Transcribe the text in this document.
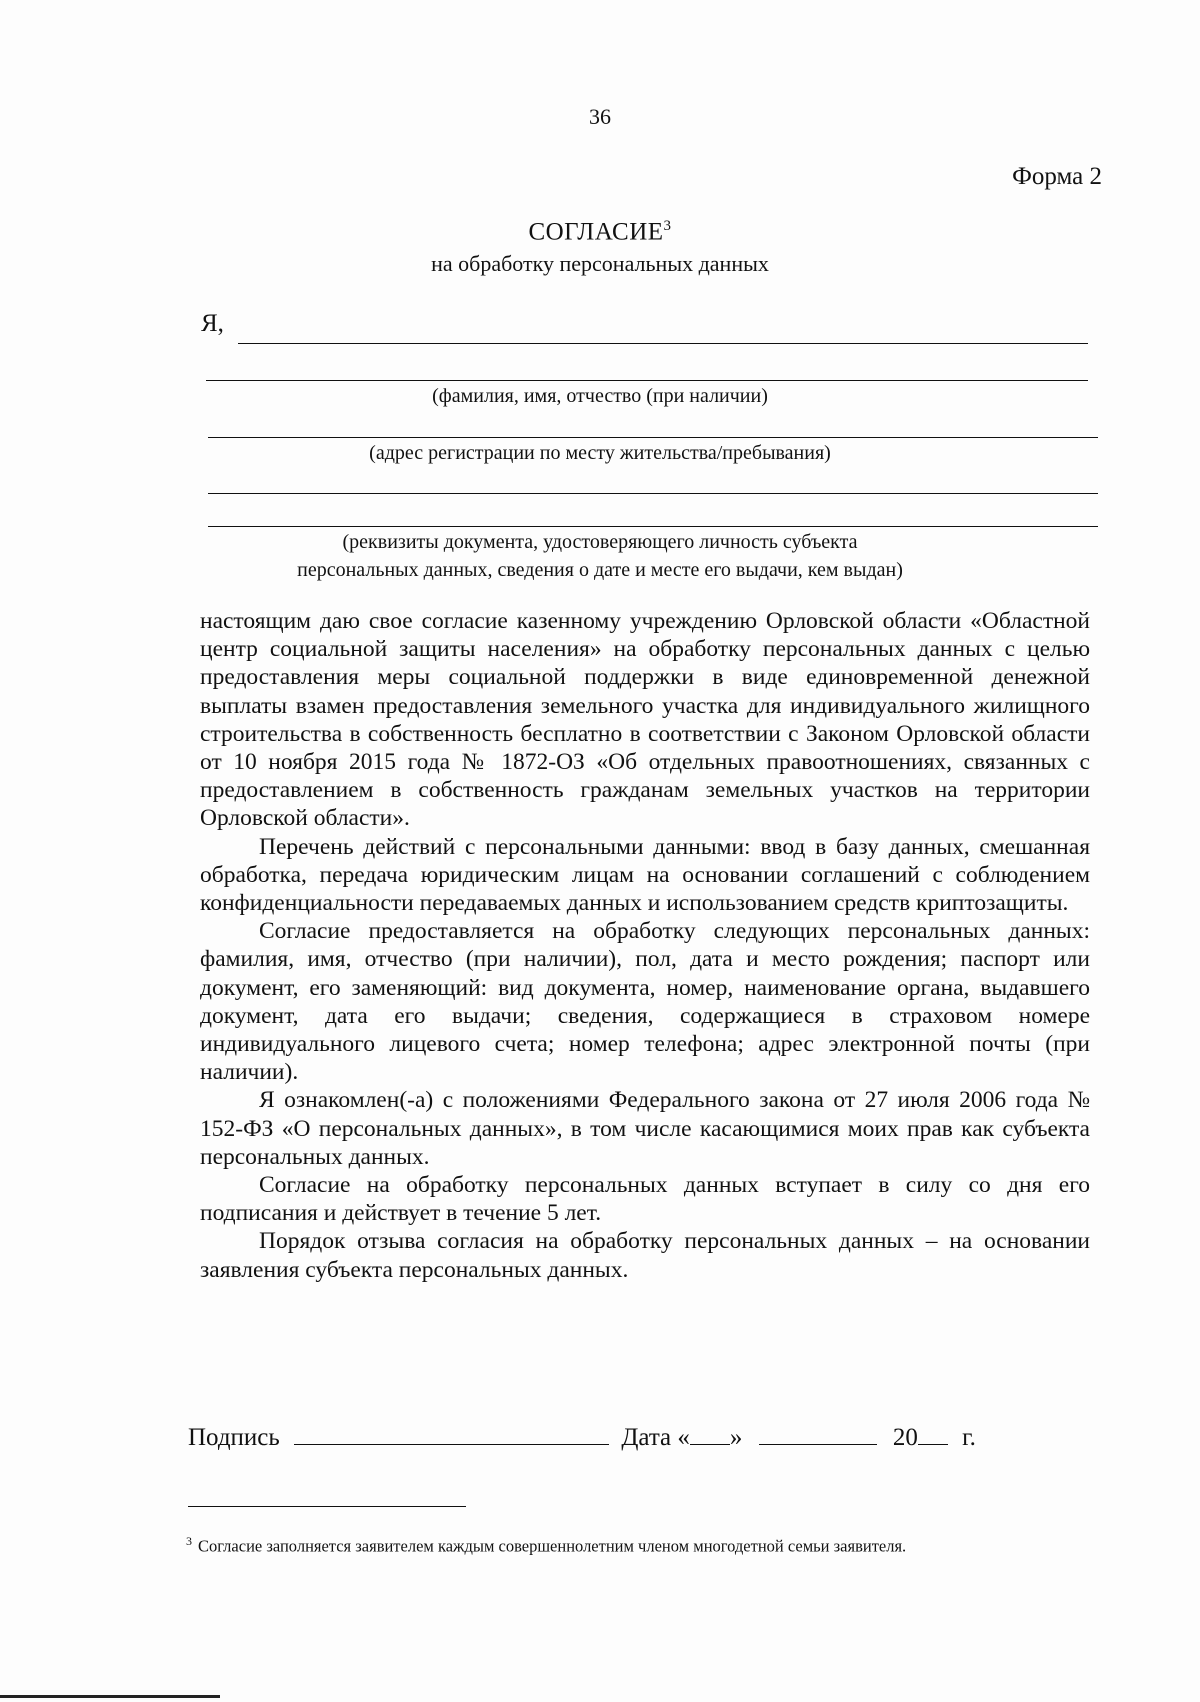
36
Форма 2
СОГЛАСИЕ$^3$
на обработку персональных данных
Я,
(фамилия, имя, отчество (при наличии)
(адрес регистрации по месту жительства/пребывания)
(реквизиты документа, удостоверяющего личность субъекта
персональных данных, сведения о дате и месте его выдачи, кем выдан)

настоящим даю свое согласие казенному учреждению Орловской области «Областной центр социальной защиты населения» на обработку персональных данных с целью предоставления меры социальной поддержки в виде единовременной денежной выплаты взамен предоставления земельного участка для индивидуального жилищного строительства в собственность бесплатно в соответствии с Законом Орловской области от 10 ноября 2015 года № 1872-ОЗ «Об отдельных правоотношениях, связанных с предоставлением в собственность гражданам земельных участков на территории Орловской области».

Перечень действий с персональными данными: ввод в базу данных, смешанная обработка, передача юридическим лицам на основании соглашений с соблюдением конфиденциальности передаваемых данных и использованием средств криптозащиты.

Согласие предоставляется на обработку следующих персональных данных: фамилия, имя, отчество (при наличии), пол, дата и место рождения; паспорт или документ, его заменяющий: вид документа, номер, наименование органа, выдавшего документ, дата его выдачи; сведения, содержащиеся в страховом номере индивидуального лицевого счета; номер телефона; адрес электронной почты (при наличии).

Я ознакомлен(-а) с положениями Федерального закона от 27 июля 2006 года № 152-ФЗ «О персональных данных», в том числе касающимися моих прав как субъекта персональных данных.

Согласие на обработку персональных данных вступает в силу со дня его подписания и действует в течение 5 лет.

Порядок отзыва согласия на обработку персональных данных – на основании заявления субъекта персональных данных.

Подпись	Дата « »	20 г.
$^3$ Согласие заполняется заявителем каждым совершеннолетним членом многодетной семьи заявителя.
